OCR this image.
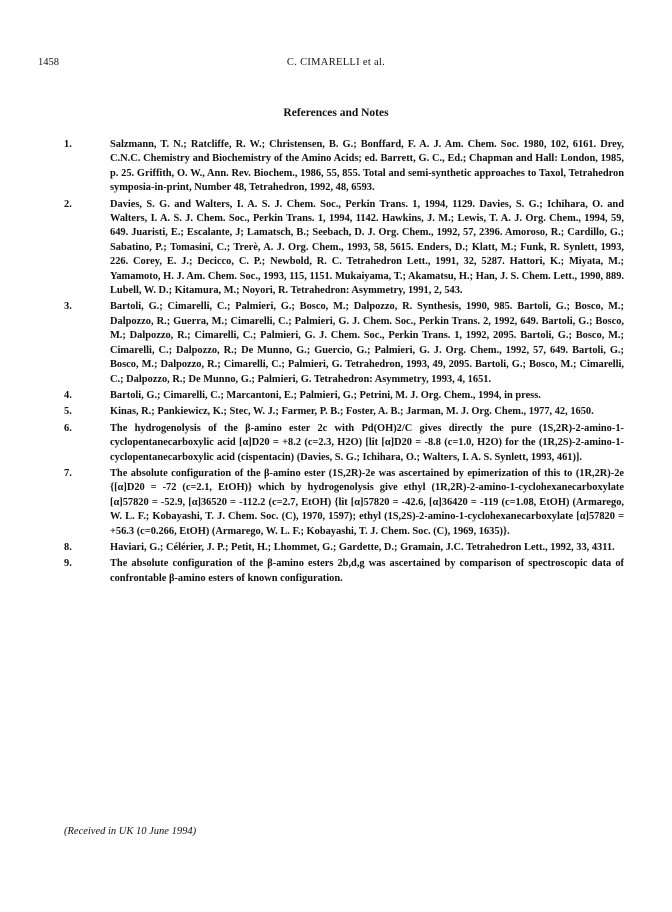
1458	C. CIMARELLI et al.
References and Notes
1.	Salzmann, T. N.; Ratcliffe, R. W.; Christensen, B. G.; Bonffard, F. A. J. Am. Chem. Soc. 1980, 102, 6161. Drey, C.N.C. Chemistry and Biochemistry of the Amino Acids; ed. Barrett, G. C., Ed.; Chapman and Hall: London, 1985, p. 25. Griffith, O. W., Ann. Rev. Biochem., 1986, 55, 855. Total and semi-synthetic approaches to Taxol, Tetrahedron symposia-in-print, Number 48, Tetrahedron, 1992, 48, 6593.
2.	Davies, S. G. and Walters, I. A. S. J. Chem. Soc., Perkin Trans. 1, 1994, 1129. Davies, S. G.; Ichihara, O. and Walters, I. A. S. J. Chem. Soc., Perkin Trans. 1, 1994, 1142. Hawkins, J. M.; Lewis, T. A. J. Org. Chem., 1994, 59, 649. Juaristi, E.; Escalante, J; Lamatsch, B.; Seebach, D. J. Org. Chem., 1992, 57, 2396. Amoroso, R.; Cardillo, G.; Sabatino, P.; Tomasini, C.; Trerè, A. J. Org. Chem., 1993, 58, 5615. Enders, D.; Klatt, M.; Funk, R. Synlett, 1993, 226. Corey, E. J.; Decicco, C. P.; Newbold, R. C. Tetrahedron Lett., 1991, 32, 5287. Hattori, K.; Miyata, M.; Yamamoto, H. J. Am. Chem. Soc., 1993, 115, 1151. Mukaiyama, T.; Akamatsu, H.; Han, J. S. Chem. Lett., 1990, 889. Lubell, W. D.; Kitamura, M.; Noyori, R. Tetrahedron: Asymmetry, 1991, 2, 543.
3.	Bartoli, G.; Cimarelli, C.; Palmieri, G.; Bosco, M.; Dalpozzo, R. Synthesis, 1990, 985. Bartoli, G.; Bosco, M.; Dalpozzo, R.; Guerra, M.; Cimarelli, C.; Palmieri, G. J. Chem. Soc., Perkin Trans. 2, 1992, 649. Bartoli, G.; Bosco, M.; Dalpozzo, R.; Cimarelli, C.; Palmieri, G. J. Chem. Soc., Perkin Trans. 1, 1992, 2095. Bartoli, G.; Bosco, M.; Cimarelli, C.; Dalpozzo, R.; De Munno, G.; Guercio, G.; Palmieri, G. J. Org. Chem., 1992, 57, 649. Bartoli, G.; Bosco, M.; Dalpozzo, R.; Cimarelli, C.; Palmieri, G. Tetrahedron, 1993, 49, 2095. Bartoli, G.; Bosco, M.; Cimarelli, C.; Dalpozzo, R.; De Munno, G.; Palmieri, G. Tetrahedron: Asymmetry, 1993, 4, 1651.
4.	Bartoli, G.; Cimarelli, C.; Marcantoni, E.; Palmieri, G.; Petrini, M. J. Org. Chem., 1994, in press.
5.	Kinas, R.; Pankiewicz, K.; Stec, W. J.; Farmer, P. B.; Foster, A. B.; Jarman, M. J. Org. Chem., 1977, 42, 1650.
6.	The hydrogenolysis of the β-amino ester 2c with Pd(OH)2/C gives directly the pure (1S,2R)-2-amino-1-cyclopentanecarboxylic acid [α]D20 = +8.2 (c=2.3, H2O) [lit [α]D20 = -8.8 (c=1.0, H2O) for the (1R,2S)-2-amino-1-cyclopentanecarboxylic acid (cispentacin) (Davies, S. G.; Ichihara, O.; Walters, I. A. S. Synlett, 1993, 461)].
7.	The absolute configuration of the β-amino ester (1S,2R)-2e was ascertained by epimerization of this to (1R,2R)-2e {[α]D20 = -72 (c=2.1, EtOH)} which by hydrogenolysis give ethyl (1R,2R)-2-amino-1-cyclohexanecarboxylate [α]57820 = -52.9, [α]36520 = -112.2 (c=2.7, EtOH) {lit [α]57820 = -42.6, [α]36420 = -119 (c=1.08, EtOH) (Armarego, W. L. F.; Kobayashi, T. J. Chem. Soc. (C), 1970, 1597); ethyl (1S,2S)-2-amino-1-cyclohexanecarboxylate [α]57820 = +56.3 (c=0.266, EtOH) (Armarego, W. L. F.; Kobayashi, T. J. Chem. Soc. (C), 1969, 1635)}.
8.	Haviari, G.; Célérier, J. P.; Petit, H.; Lhommet, G.; Gardette, D.; Gramain, J.C. Tetrahedron Lett., 1992, 33, 4311.
9.	The absolute configuration of the β-amino esters 2b,d,g was ascertained by comparison of spectroscopic data of confrontable β-amino esters of known configuration.
(Received in UK 10 June 1994)
